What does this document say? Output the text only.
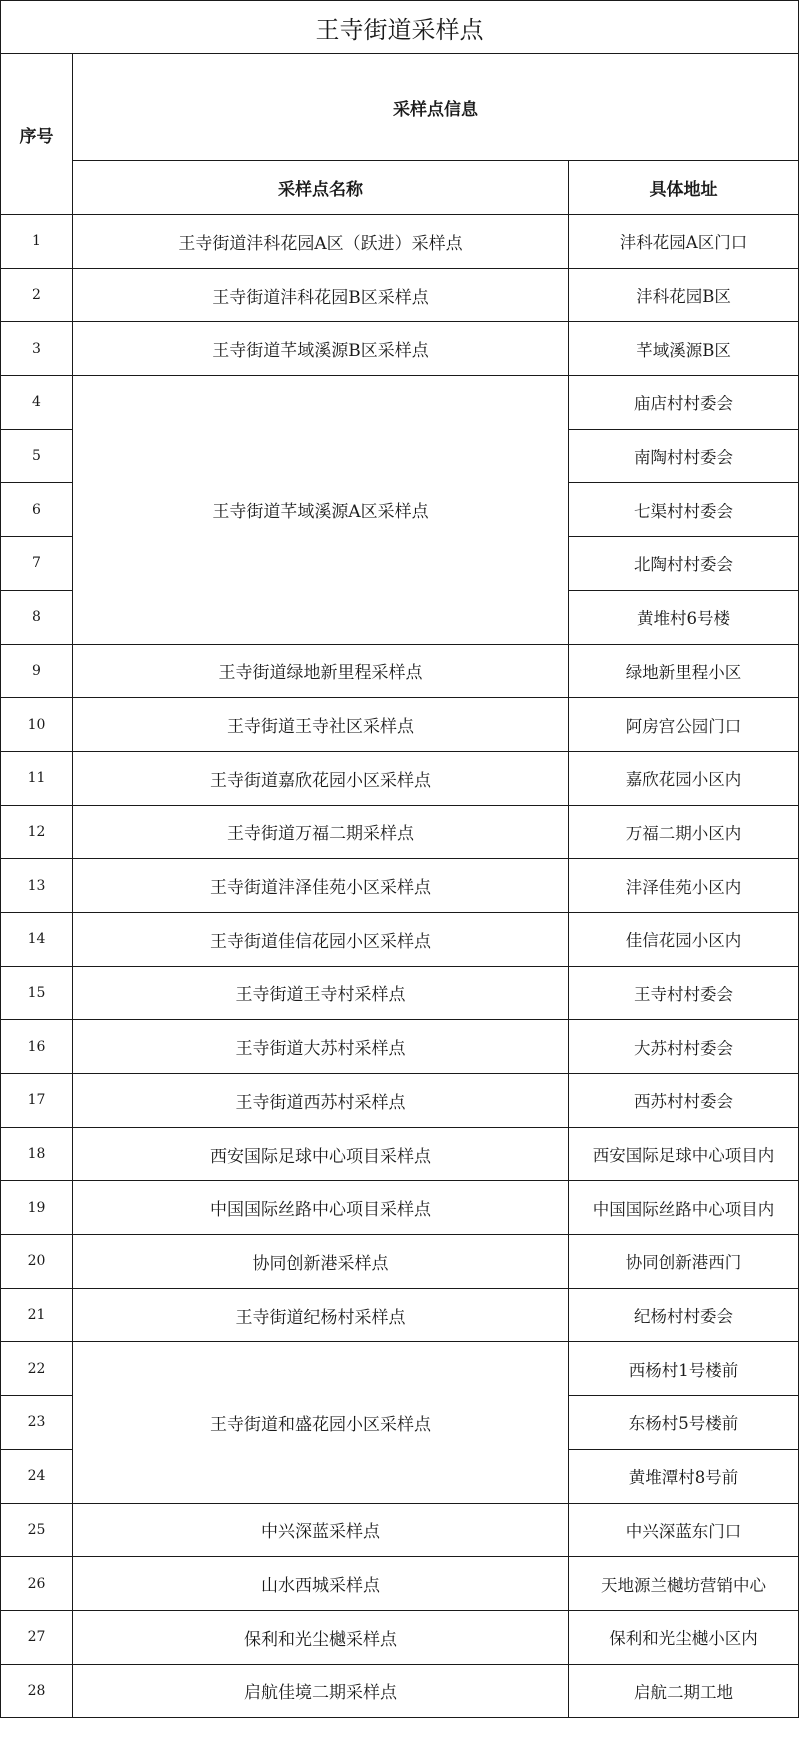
王寺街道采样点		
序号	采样点信息	
	采样点名称	具体地址
1	王寺街道沣科花园A区（跃进）采样点	沣科花园A区门口
2	王寺街道沣科花园B区采样点	沣科花园B区
3	王寺街道芊域溪源B区采样点	芊域溪源B区
4	王寺街道芊域溪源A区采样点	庙店村村委会
5		南陶村村委会
6		七渠村村委会
7		北陶村村委会
8		黄堆村6号楼
9	王寺街道绿地新里程采样点	绿地新里程小区
10	王寺街道王寺社区采样点	阿房宫公园门口
11	王寺街道嘉欣花园小区采样点	嘉欣花园小区内
12	王寺街道万福二期采样点	万福二期小区内
13	王寺街道沣泽佳苑小区采样点	沣泽佳苑小区内
14	王寺街道佳信花园小区采样点	佳信花园小区内
15	王寺街道王寺村采样点	王寺村村委会
16	王寺街道大苏村采样点	大苏村村委会
17	王寺街道西苏村采样点	西苏村村委会
18	西安国际足球中心项目采样点	西安国际足球中心项目内
19	中国国际丝路中心项目采样点	中国国际丝路中心项目内
20	协同创新港采样点	协同创新港西门
21	王寺街道纪杨村采样点	纪杨村村委会
22	王寺街道和盛花园小区采样点	西杨村1号楼前
23		东杨村5号楼前
24		黄堆潭村8号前
25	中兴深蓝采样点	中兴深蓝东门口
26	山水西城采样点	天地源兰樾坊营销中心
27	保利和光尘樾采样点	保利和光尘樾小区内
28	启航佳境二期采样点	启航二期工地
